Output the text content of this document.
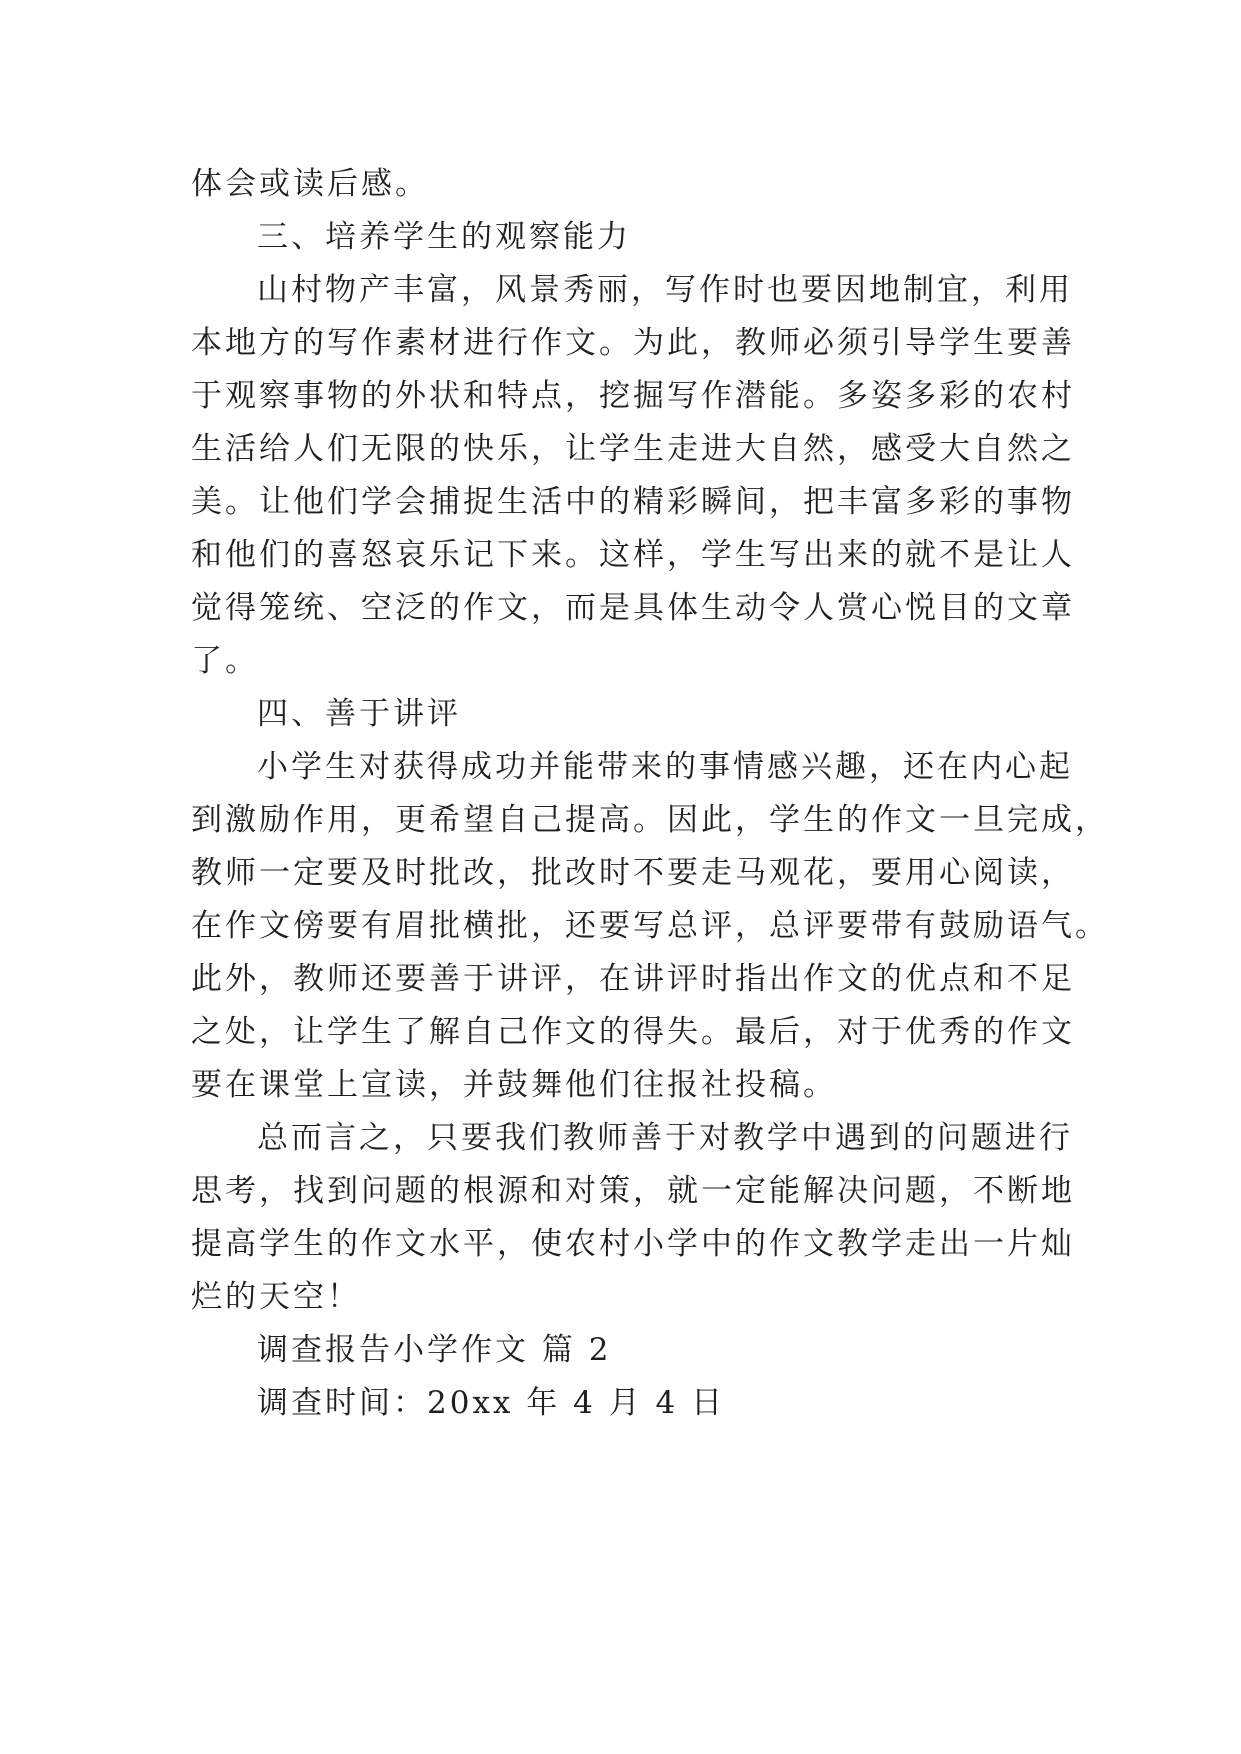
体会或读后感。
三、培养学生的观察能力
山村物产丰富，风景秀丽，写作时也要因地制宜，利用
本地方的写作素材进行作文。为此，教师必须引导学生要善
于观察事物的外状和特点，挖掘写作潜能。多姿多彩的农村
生活给人们无限的快乐，让学生走进大自然，感受大自然之
美。让他们学会捕捉生活中的精彩瞬间，把丰富多彩的事物
和他们的喜怒哀乐记下来。这样，学生写出来的就不是让人
觉得笼统、空泛的作文，而是具体生动令人赏心悦目的文章
了。
四、善于讲评
小学生对获得成功并能带来的事情感兴趣，还在内心起
到激励作用，更希望自己提高。因此，学生的作文一旦完成，
教师一定要及时批改，批改时不要走马观花，要用心阅读，
在作文傍要有眉批横批，还要写总评，总评要带有鼓励语气。
此外，教师还要善于讲评，在讲评时指出作文的优点和不足
之处，让学生了解自己作文的得失。最后，对于优秀的作文
要在课堂上宣读，并鼓舞他们往报社投稿。
总而言之，只要我们教师善于对教学中遇到的问题进行
思考，找到问题的根源和对策，就一定能解决问题，不断地
提高学生的作文水平，使农村小学中的作文教学走出一片灿
烂的天空！
调查报告小学作文 篇 2
调查时间：20xx 年 4 月 4 日
